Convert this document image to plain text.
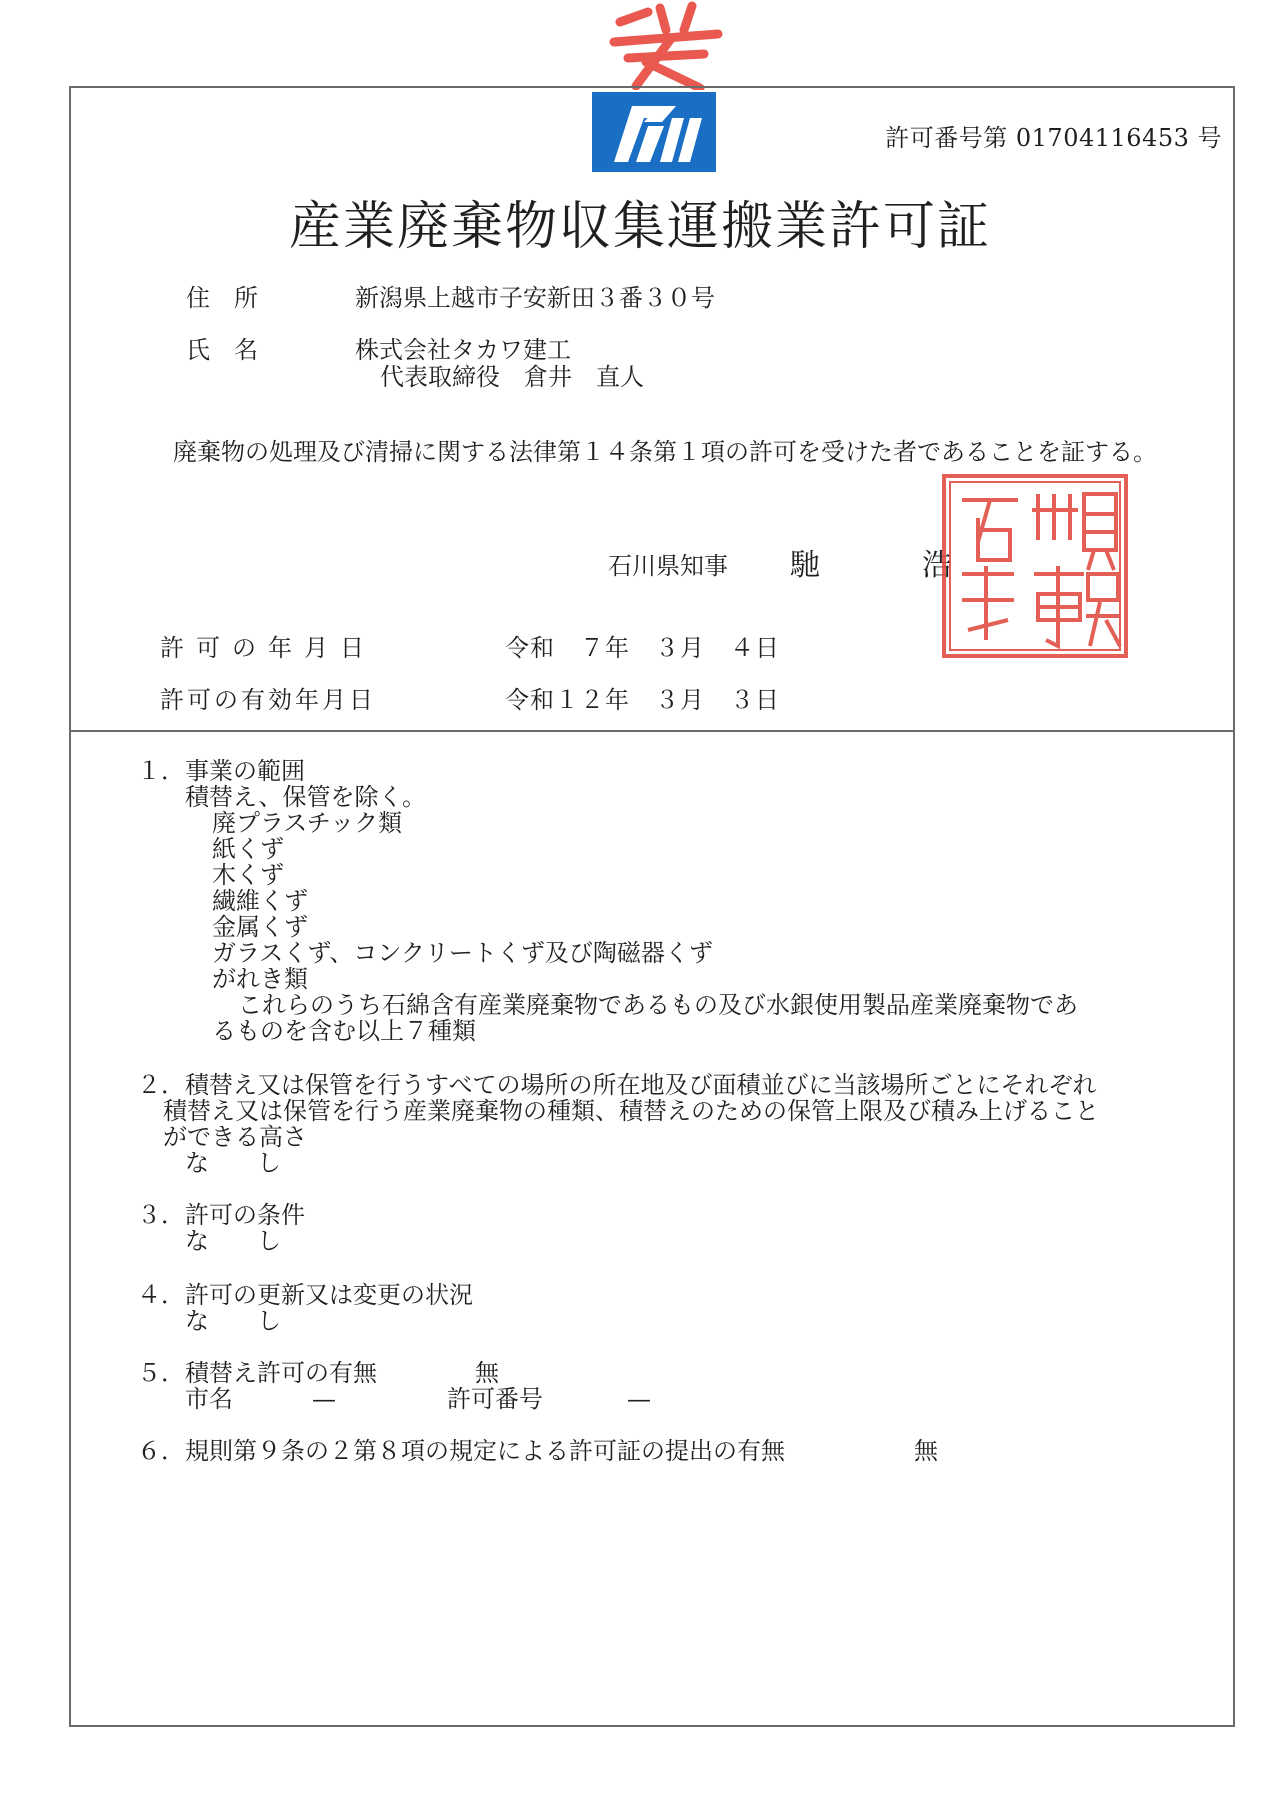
許可番号第 01704116453 号
産業廃棄物収集運搬業許可証
住　所	新潟県上越市子安新田３番３０号
氏　名	株式会社タカワ建工
代表取締役　倉井　直人
廃棄物の処理及び清掃に関する法律第１４条第１項の許可を受けた者であることを証する。
石川県知事 馳	浩
許可の年月日	令和　７年　３月　４日
許可の有効年月日	令和１２年　３月　３日
１．事業の範囲
積替え、保管を除く。
廃プラスチック類
紙くず
木くず
繊維くず
金属くず
ガラスくず、コンクリートくず及び陶磁器くず
がれき類
これらのうち石綿含有産業廃棄物であるもの及び水銀使用製品産業廃棄物であ
るものを含む以上７種類
２．積替え又は保管を行うすべての場所の所在地及び面積並びに当該場所ごとにそれぞれ
積替え又は保管を行う産業廃棄物の種類、積替えのための保管上限及び積み上げること
ができる高さ
な　　し
３．許可の条件
な　　し
４．許可の更新又は変更の状況
な　　し
５．積替え許可の有無	無
市名	—	許可番号	—
６．規則第９条の２第８項の規定による許可証の提出の有無	無
